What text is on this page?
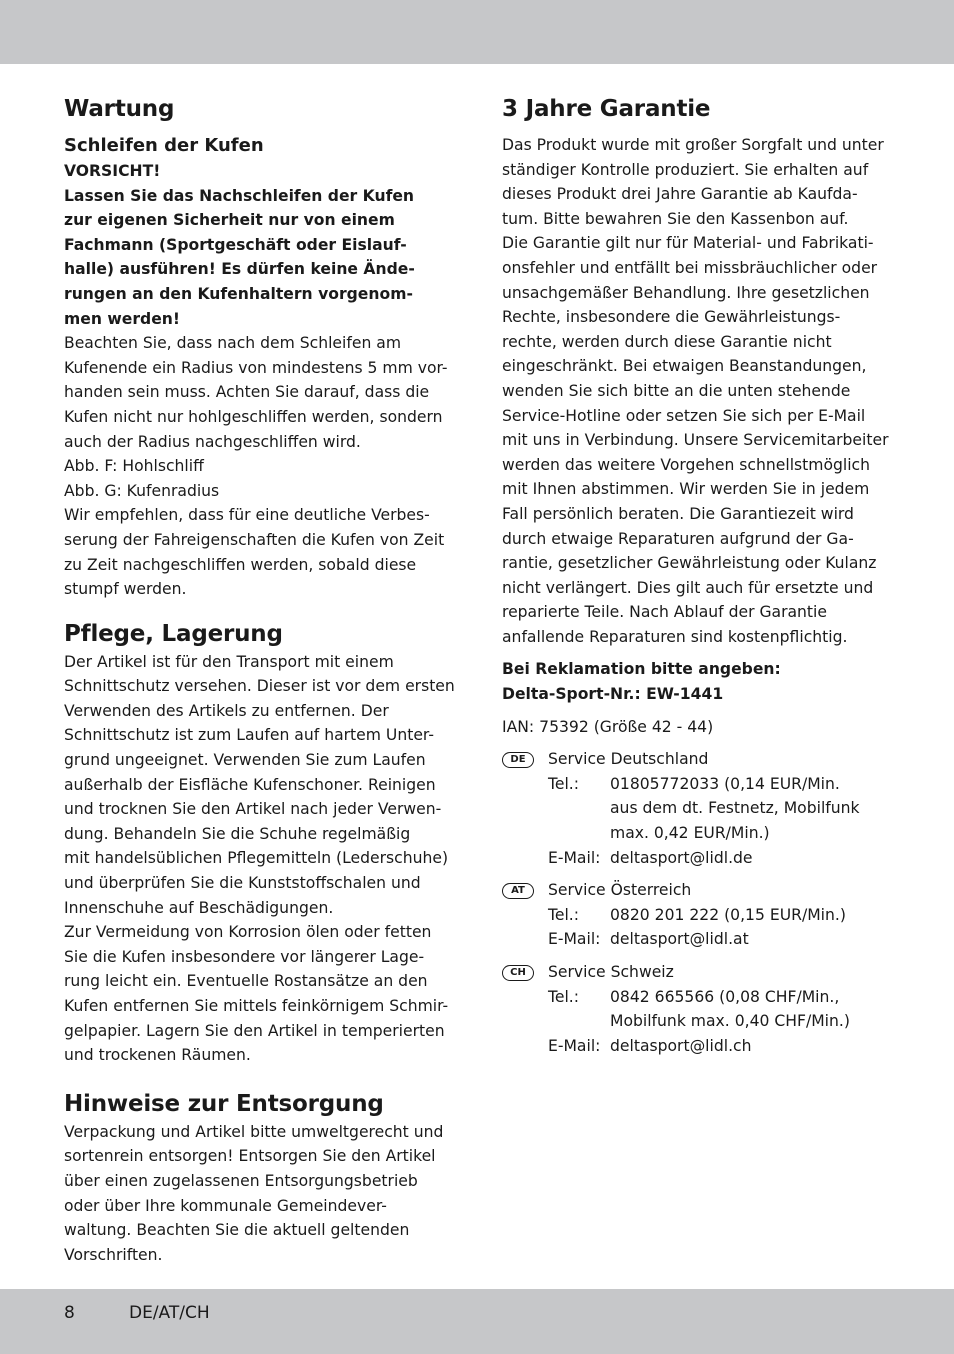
Wartung
Schleifen der Kufen

VORSICHT!

Lassen Sie das Nachschleifen der Kufen

zur eigenen Sicherheit nur von einem

Fachmann (Sportgeschäft oder Eislauf-

halle) ausführen! Es dürfen keine Ände-

rungen an den Kufenhaltern vorgenom-

men werden!

Beachten Sie, dass nach dem Schleifen am

Kufenende ein Radius von mindestens 5 mm vor-

handen sein muss. Achten Sie darauf, dass die

Kufen nicht nur hohlgeschliffen werden, sondern

auch der Radius nachgeschliffen wird.

Abb. F: Hohlschliff

Abb. G: Kufenradius

Wir empfehlen, dass für eine deutliche Verbes-

serung der Fahreigenschaften die Kufen von Zeit

zu Zeit nachgeschliffen werden, sobald diese

stumpf werden.

Pflege, Lagerung

Der Artikel ist für den Transport mit einem

Schnittschutz versehen. Dieser ist vor dem ersten

Verwenden des Artikels zu entfernen. Der

Schnittschutz ist zum Laufen auf hartem Unter-

grund ungeeignet. Verwenden Sie zum Laufen

außerhalb der Eisfläche Kufenschoner. Reinigen

und trocknen Sie den Artikel nach jeder Verwen-

dung. Behandeln Sie die Schuhe regelmäßig

mit handelsüblichen Pflegemitteln (Lederschuhe)

und überprüfen Sie die Kunststoffschalen und

Innenschuhe auf Beschädigungen.

Zur Vermeidung von Korrosion ölen oder fetten

Sie die Kufen insbesondere vor längerer Lage-

rung leicht ein. Eventuelle Rostansätze an den

Kufen entfernen Sie mittels feinkörnigem Schmir-

gelpapier. Lagern Sie den Artikel in temperierten

und trockenen Räumen.

Hinweise zur Entsorgung

Verpackung und Artikel bitte umweltgerecht und

sortenrein entsorgen! Entsorgen Sie den Artikel

über einen zugelassenen Entsorgungsbetrieb

oder über Ihre kommunale Gemeindever-

waltung. Beachten Sie die aktuell geltenden

Vorschriften.

3 Jahre Garantie

Das Produkt wurde mit großer Sorgfalt und unter

ständiger Kontrolle produziert. Sie erhalten auf

dieses Produkt drei Jahre Garantie ab Kaufda-

tum. Bitte bewahren Sie den Kassenbon auf.

Die Garantie gilt nur für Material- und Fabrikati-

onsfehler und entfällt bei missbräuchlicher oder

unsachgemäßer Behandlung. Ihre gesetzlichen

Rechte, insbesondere die Gewährleistungs-

rechte, werden durch diese Garantie nicht

eingeschränkt. Bei etwaigen Beanstandungen,

wenden Sie sich bitte an die unten stehende

Service-Hotline oder setzen Sie sich per E-Mail

mit uns in Verbindung. Unsere Servicemitarbeiter

werden das weitere Vorgehen schnellstmöglich

mit Ihnen abstimmen. Wir werden Sie in jedem

Fall persönlich beraten. Die Garantiezeit wird

durch etwaige Reparaturen aufgrund der Ga-

rantie, gesetzlicher Gewährleistung oder Kulanz

nicht verlängert. Dies gilt auch für ersetzte und

reparierte Teile. Nach Ablauf der Garantie

anfallende Reparaturen sind kostenpflichtig.

Bei Reklamation bitte angeben:

Delta-Sport-Nr.: EW-1441

IAN: 75392 (Größe 42 - 44)

DE	Service Deutschland

Tel.:	01805772033 (0,14 EUR/Min.
aus dem dt. Festnetz, Mobilfunk
max. 0,42 EUR/Min.)
E-Mail: deltasport@lidl.de
AT	Service Österreich

Tel.:	0820 201 222 (0,15 EUR/Min.)
E-Mail: deltasport@lidl.at
CH	Service Schweiz

Tel.:	0842 665566 (0,08 CHF/Min.,
Mobilfunk max. 0,40 CHF/Min.)
E-Mail: deltasport@lidl.ch
8	DE/AT/CH
